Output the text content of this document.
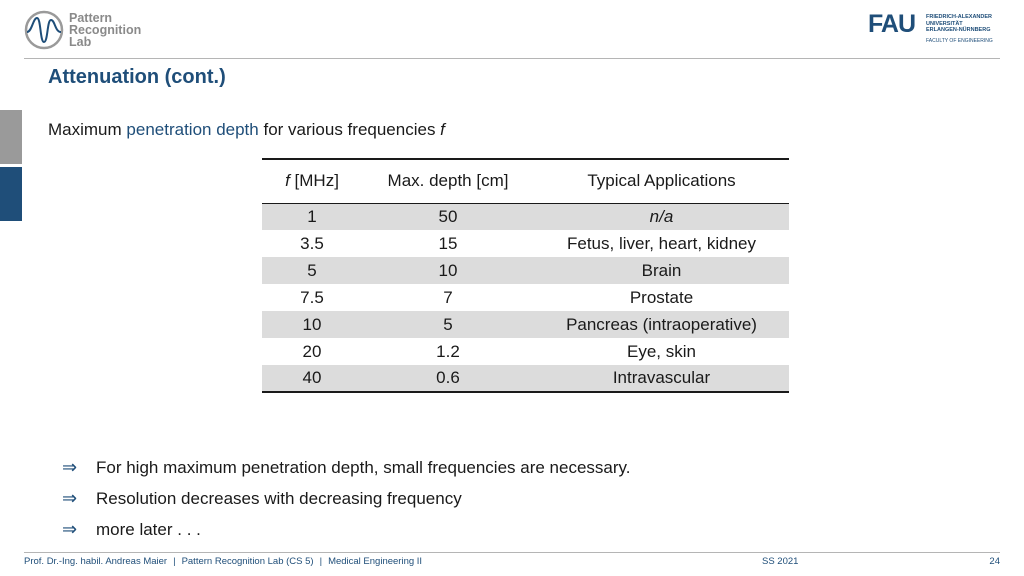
Pattern
Recognition
Lab
FAU FRIEDRICH-ALEXANDER
UNIVERSITÄT
ERLANGEN-NÜRNBERG
FACULTY OF ENGINEERING
Attenuation (cont.)
Maximum penetration depth for various frequencies f
f [MHz]	Max. depth [cm]	Typical Applications
1	50	n/a
3.5	15	Fetus, liver, heart, kidney
5	10	Brain
7.5	7	Prostate
10	5	Pancreas (intraoperative)
20	1.2	Eye, skin
40	0.6	Intravascular
⇒	For high maximum penetration depth, small frequencies are necessary.
⇒	Resolution decreases with decreasing frequency
⇒	more later . . .
Prof. Dr.-Ing. habil. Andreas Maier | Pattern Recognition Lab (CS 5) | Medical Engineering II	SS 2021	24
